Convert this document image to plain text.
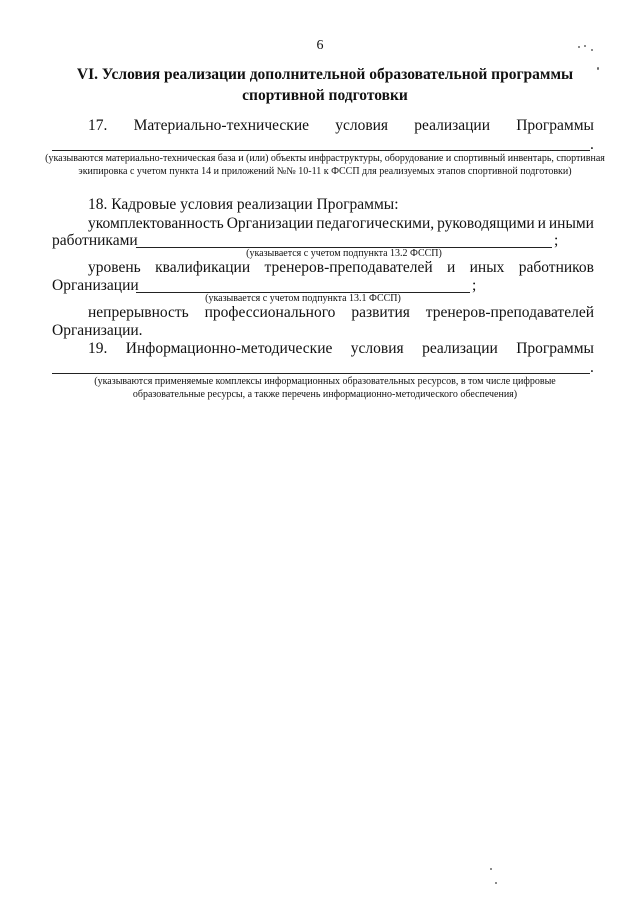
6
VI. Условия реализации дополнительной образовательной программы
спортивной подготовки
17. Материально-технические условия реализации Программы
.
(указываются материально-техническая база и (или) объекты инфраструктуры, оборудование и спортивный инвентарь, спортивная экипировка с учетом пункта 14 и приложений №№ 10-11 к ФССП для реализуемых этапов спортивной подготовки)
18. Кадровые условия реализации Программы:
укомплектованность Организации педагогическими, руководящими и иными
работниками	;
(указывается с учетом подпункта 13.2 ФССП)
уровень квалификации тренеров-преподавателей и иных работников
Организации	;
(указывается с учетом подпункта 13.1 ФССП)
непрерывность профессионального развития тренеров-преподавателей
Организации.
19. Информационно-методические условия реализации Программы
.
(указываются применяемые комплексы информационных образовательных ресурсов, в том числе цифровые
образовательные ресурсы, а также перечень информационно-методического обеспечения)
